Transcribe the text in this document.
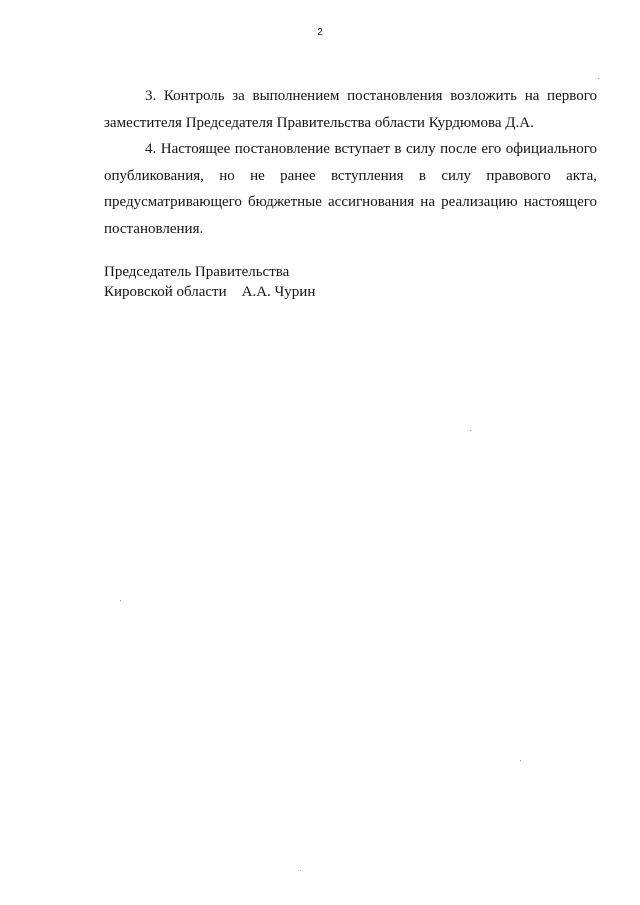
2

3. Контроль за выполнением постановления возложить на первого заместителя Председателя Правительства области Курдюмова Д.А.

4. Настоящее постановление вступает в силу после его официального опубликования, но не ранее вступления в силу правового акта, предусматривающего бюджетные ассигнования на реализацию настоящего постановления.

Председатель Правительства
Кировской области А.А. Чурин
